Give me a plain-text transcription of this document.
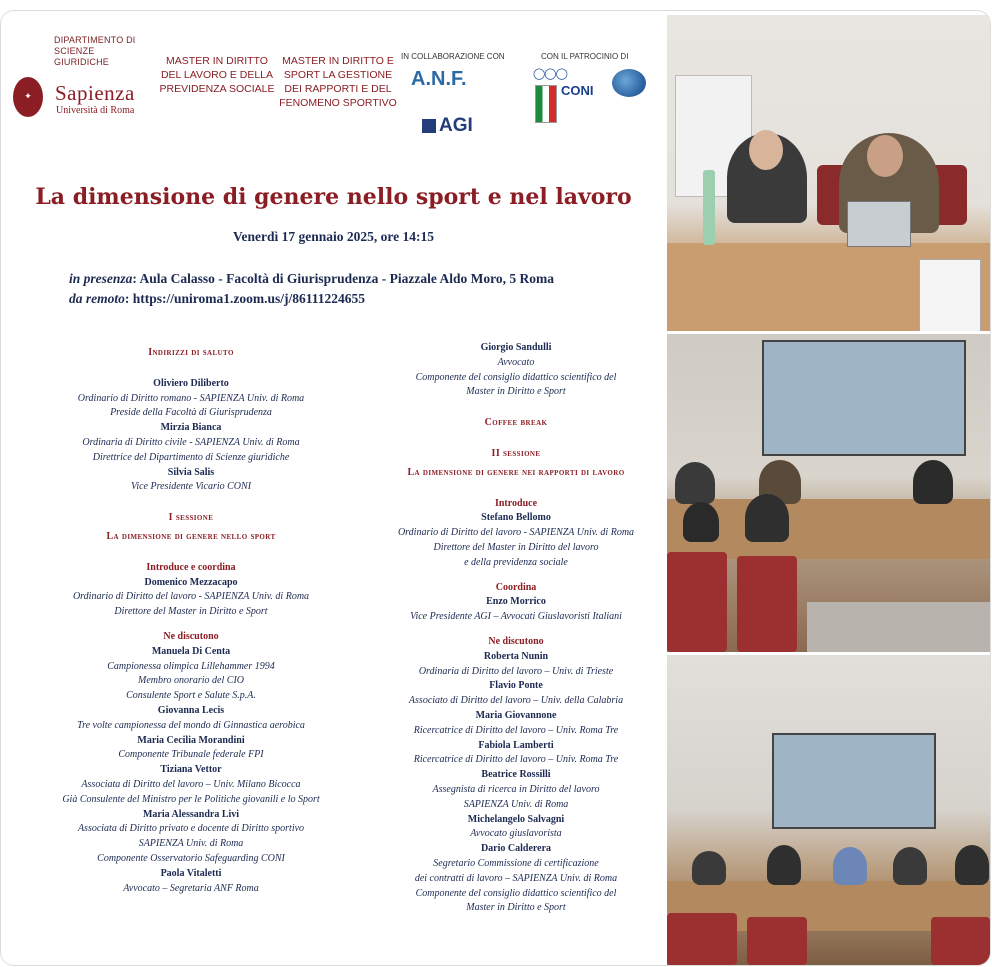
DIPARTIMENTO DI SCIENZE GIURIDICHE
✦	Sapienza
Università di Roma
MASTER IN DIRITTO DEL LAVORO E DELLA PREVIDENZA SOCIALE
MASTER IN DIRITTO E SPORT LA GESTIONE DEI RAPPORTI E DEL FENOMENO SPORTIVO
IN COLLABORAZIONE CON
A.N.F.
AGI
CON IL PATROCINIO DI
◯◯◯
CONI
La dimensione di genere nello sport e nel lavoro
Venerdì 17 gennaio 2025, ore 14:15
in presenza: Aula Calasso - Facoltà di Giurisprudenza - Piazzale Aldo Moro, 5 Roma
da remoto: https://uniroma1.zoom.us/j/86111224655
Indirizzi di saluto
Oliviero Diliberto
Ordinario di Diritto romano - SAPIENZA Univ. di Roma
Preside della Facoltà di Giurisprudenza
Mirzia Bianca
Ordinaria di Diritto civile - SAPIENZA Univ. di Roma
Direttrice del Dipartimento di Scienze giuridiche
Silvia Salis
Vice Presidente Vicario CONI
I sessione
La dimensione di genere nello sport
Introduce e coordina
Domenico Mezzacapo
Ordinario di Diritto del lavoro - SAPIENZA Univ. di Roma
Direttore del Master in Diritto e Sport
Ne discutono
Manuela Di Centa
Campionessa olimpica Lillehammer 1994
Membro onorario del CIO
Consulente Sport e Salute S.p.A.
Giovanna Lecis
Tre volte campionessa del mondo di Ginnastica aerobica
Maria Cecilia Morandini
Componente Tribunale federale FPI
Tiziana Vettor
Associata di Diritto del lavoro – Univ. Milano Bicocca
Già Consulente del Ministro per le Politiche giovanili e lo Sport
Maria Alessandra Livi
Associata di Diritto privato e docente di Diritto sportivo
SAPIENZA Univ. di Roma
Componente Osservatorio Safeguarding CONI
Paola Vitaletti
Avvocato – Segretaria ANF Roma
Giorgio Sandulli
Avvocato
Componente del consiglio didattico scientifico del
Master in Diritto e Sport
Coffee break
II sessione
La dimensione di genere nei rapporti di lavoro
Introduce
Stefano Bellomo
Ordinario di Diritto del lavoro - SAPIENZA Univ. di Roma
Direttore del Master in Diritto del lavoro
e della previdenza sociale
Coordina
Enzo Morrico
Vice Presidente AGI – Avvocati Giuslavoristi Italiani
Ne discutono
Roberta Nunin
Ordinaria di Diritto del lavoro – Univ. di Trieste
Flavio Ponte
Associato di Diritto del lavoro – Univ. della Calabria
Maria Giovannone
Ricercatrice di Diritto del lavoro – Univ. Roma Tre
Fabiola Lamberti
Ricercatrice di Diritto del lavoro – Univ. Roma Tre
Beatrice Rossilli
Assegnista di ricerca in Diritto del lavoro
SAPIENZA Univ. di Roma
Michelangelo Salvagni
Avvocato giuslavorista
Dario Calderera
Segretario Commissione di certificazione
dei contratti di lavoro – SAPIENZA Univ. di Roma
Componente del consiglio didattico scientifico del
Master in Diritto e Sport
